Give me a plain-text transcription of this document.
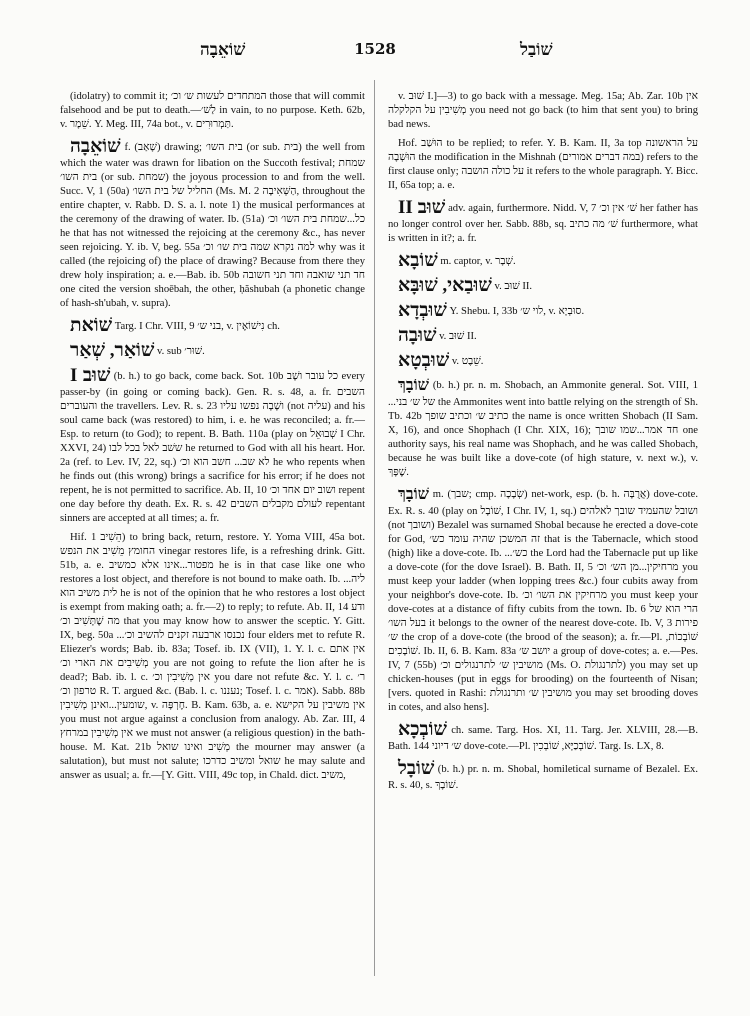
שׁוֹאֵבָה	1528	שׁוֹבַל

(idolatry) to commit it; המתחדים לעשות ש׳ וכ׳ those that will commit falsehood and be put to death.—לַשׁ׳ in vain, to no purpose. Keth. 62b, v. שֵׁמָר. Y. Meg. III, 74a bot., v. תַּמְרוּרִים.

שׁוֹאֵבָה f. (שָׁאַב) drawing; בית השו׳ (or sub. בית) the well from which the water was drawn for libation on the Succoth festival; שמחת בית השו׳ (or sub. שמחת) the joyous procession to and from the well. Succ. V, 1 (50a) החליל של בית השו׳ (Ms. M. 2 הַשְּׁאִיבָה, throughout the entire chapter, v. Rabb. D. S. a. l. note 1) the musical performances at the ceremony of the drawing of water. Ib. (51a) כל...שמחת בית השו׳ וכ׳ he that has not witnessed the rejoicing at the ceremony &c., has never seen rejoicing. Y. ib. V, beg. 55a למה נקרא שמה בית שו׳ וכ׳ why was it called (the rejoicing of) the place of drawing? Because from there they drew holy inspiration; a. e.—Bab. ib. 50b חד תני שואבה וחד תני חשובה one cited the version shoēbah, the other, ḥăshubah (a phonetic change of hash-sh'ubah, v. supra).

שׁוֹאת Targ. I Chr. VIII, 9 בני ש׳, v. נִישׁוֹאֶין ch.

שׁוֹאַר, שְׁאַר v. sub שׁוּר׳.

שׁוּב I (b. h.) to go back, come back. Sot. 10b כל עובר ושָׁב every passer-by (in going or coming back). Gen. R. s. 48, a. fr. השבים והעוברים the travellers. Lev. R. s. 23 ושָׁבָה נפשו עליו (not עליה) and his soul came back (was restored) to him, i. e. he was reconciled; a. fr.—Esp. to return (to God); to repent. B. Bath. 110a (play on שְׁבוּאֵל I Chr. XXVI, 24) ששׁב לאל בכל לבו he returned to God with all his heart. Hor. 2a (ref. to Lev. IV, 22, sq.) לא שב... חשב הוא וכ׳ he who repents when he finds out (this wrong) brings a sacrifice for his error; if he does not repent, he is not permitted to sacrifice. Ab. II, 10 ושוב יום אחד וכ׳ repent one day before thy death. Ex. R. s. 42 לעולם מקבלים השבים repentant sinners are accepted at all times; a. fr.

Hif. הֵשִׁיב 1) to bring back, return, restore. Y. Yoma VIII, 45a bot. החומץ מֵשִׁיב את הנפש vinegar restores life, is a refreshing drink. Gitt. 51b, a. e. מפטור...אינו אלא כמשיב he is in that case like one who restores a lost object, and therefore is not bound to make oath. Ib. ...ליה לית משיב הוא he is not of the opinion that he who restores a lost object is exempt from making oath; a. fr.—2) to reply; to refute. Ab. II, 14 ודע מה שֶׁתָּשִׁיב וכ׳ that you may know how to answer the sceptic. Y. Gitt. IX, beg. 50a ...נכנסו ארבעה זקנים להשיב וכ׳ four elders met to refute R. Eliezer's words; Bab. ib. 83a; Tosef. ib. IX (VII), 1. Y. l. c. אין אתם מְשִׁיבִים את הארי וכ׳ you are not going to refute the lion after he is dead?; Bab. ib. l. c. אין מְשִׁיבִין וכ׳ you dare not refute &c. Y. l. c. ר׳ טרפון וכ׳ R. T. argued &c. (Bab. l. c. נעננו; Tosef. l. c. אמר). Sabb. 88b שומעין...ואינן מְשִׁיבִין, v. חֶרְפָּה. B. Kam. 63b, a. e. אין משיבין על הקישא you must not argue against a conclusion from analogy. Ab. Zar. III, 4 אין מְשִׁיבִין במרחץ we must not answer (a religious question) in the bath-house. M. Kat. 21b מְשִׁיב ואינו שואל the mourner may answer (a salutation), but must not salute; שואל ומשיב כדרכו he may salute and answer as usual; a. fr.—[Y. Gitt. VIII, 49c top, in Chald. dict. משיב,

v. שׁוּב I.]—3) to go back with a message. Meg. 15a; Ab. Zar. 10b אין מְשִׁיבִין על הקלקלה you need not go back (to him that sent you) to bring bad news.

Hof. הוּשַׁב to be replied; to refer. Y. B. Kam. II, 3a top על הראשונה הוּשְׁבָה the modification in the Mishnah (במה דברים אמורים) refers to the first clause only; על כולה הושבה it refers to the whole paragraph. Y. Bicc. II, 65a top; a. e.

שׁוּב II adv. again, furthermore. Nidd. V, 7 שׁ׳ אין וכ׳ her father has no longer control over her. Sabb. 88b, sq. שׁ׳ מה כתיב furthermore, what is written in it?; a. fr.

שׁוֹבָא m. captor, v. שְׁבָר.

שׁוּבַאי, שׁוּבָּא v. שׁוּב II.

שׁוּבְדָא Y. Shebu. I, 33b לוי ש׳, v. סוּבְיָא.

שׁוּבָה v. שׁוּב II.

שׁוּבְטָא v. שֵׁבֶט.

שׁוֹבָךְ (b. h.) pr. n. m. Shobach, an Ammonite general. Sot. VIII, 1 ...של ש׳ בני the Ammonites went into battle relying on the strength of Sh. Tb. 42b כתיב ש׳ וכתיב שופך the name is once written Shobach (II Sam. X, 16), and once Shophach (I Chr. XIX, 16); חד אמר...שמו שובך one authority says, his real name was Shophach, and he was called Shobach, because he was built like a dove-cote (of high stature, v. next w.), v. שֶׁפָּךְ.

שׁוֹבָךְ m. (שבך; cmp. שְׂבָכָה) net-work, esp. (b. h. אֲרֻבָּה) dove-cote. Ex. R. s. 40 (play on שׁוֹבָל, I Chr. IV, 1, sq.) ושובל שהעמיד שובך לאלהים (not ושובך) Bezalel was surnamed Shobal because he erected a dove-cote for God, זה המשכן שהיה עומד כש׳ that is the Tabernacle, which stood (high) like a dove-cote. Ib. ...כש׳ the Lord had the Tabernacle put up like a dove-cote (for the dove Israel). B. Bath. II, 5 מרחיקין...מן הש׳ וכ׳ you must keep your ladder (when lopping trees &c.) four cubits away from your neighbor's dove-cote. Ib. מרחיקין את השו׳ וכ׳ you must keep your dove-cotes at a distance of fifty cubits from the town. Ib. 6 הרי הוא של בעל השו׳ it belongs to the owner of the nearest dove-cote. Ib. V, 3 פירות ש׳ the crop of a dove-cote (the brood of the season); a. fr.—Pl. שׁוֹבְכוֹת, שׁוֹבָכִים. Ib. II, 6. B. Kam. 83a יושב ש׳ a group of dove-cotes; a. e.—Pes. IV, 7 (55b) מושיבין ש׳ לתרנגולים וכ׳ (Ms. O. לתרנגולת) you may set up chicken-houses (put in eggs for brooding) on the fourteenth of Nisan; [vers. quoted in Rashi: מושיבין ש׳ ותרנגולת you may set brooding doves in cotes, and also hens].

שׁוֹבְכָא ch. same. Targ. Hos. XI, 11. Targ. Jer. XLVIII, 28.—B. Bath. 144 ש׳ דיוני dove-cote.—Pl. שׁוֹבְכַיָּא, שׁוֹבְכִין. Targ. Is. LX, 8.

שׁוֹבָל (b. h.) pr. n. m. Shobal, homiletical surname of Bezalel. Ex. R. s. 40, s. שׁוֹבָךְ.
